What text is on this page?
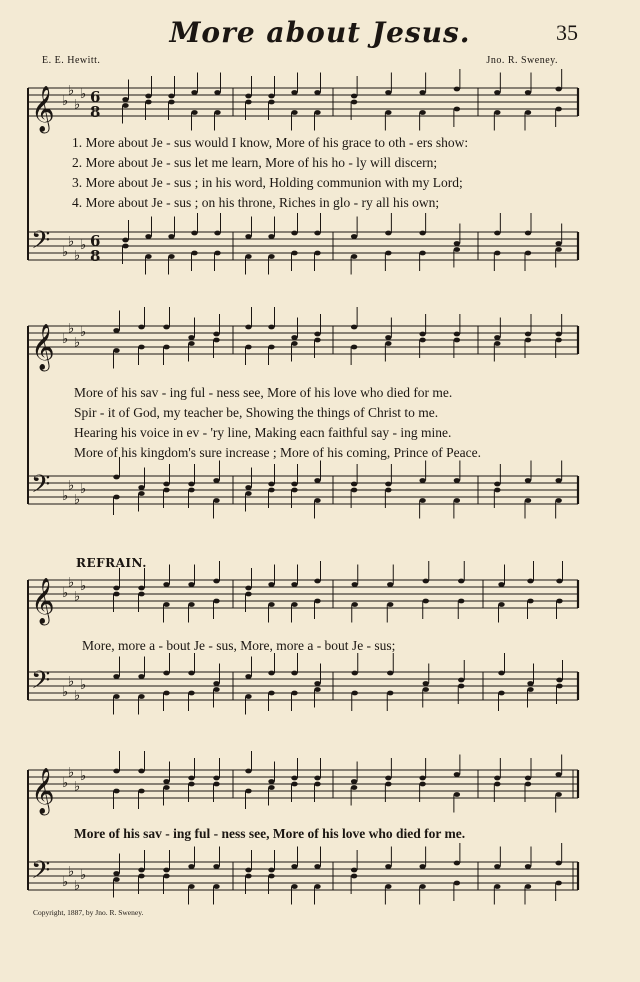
More about Jesus.	35
E. E. Hewitt.	Jno. R. Sweney.
𝄞
𝄢
♭
♭
♭
♭
♭
♭
♭
♭
6
8
6
8
𝄞
𝄢
♭
♭
♭
♭
♭
♭
♭
♭
𝄞
𝄢
♭
♭
♭
♭
♭
♭
♭
♭
𝄞
𝄢
♭
♭
♭
♭
♭
♭
♭
♭
1. More about Je - sus would I know, More of his grace to oth - ers show:
2. More about Je - sus let me learn, More of his ho - ly will discern;
3. More about Je - sus ; in his word, Holding communion with my Lord;
4. More about Je - sus ; on his throne, Riches in glo - ry all his own;
More of his sav - ing ful - ness see, More of his love who died for me.
Spir - it of God, my teacher be, Showing the things of Christ to me.
Hearing his voice in ev - 'ry line, Making eacn faithful say - ing mine.
More of his kingdom's sure increase ; More of his coming, Prince of Peace.
REFRAIN.
More, more a - bout Je - sus, More, more a - bout Je - sus;
More of his sav - ing ful - ness see, More of his love who died for me.
Copyright, 1887, by Jno. R. Sweney.
